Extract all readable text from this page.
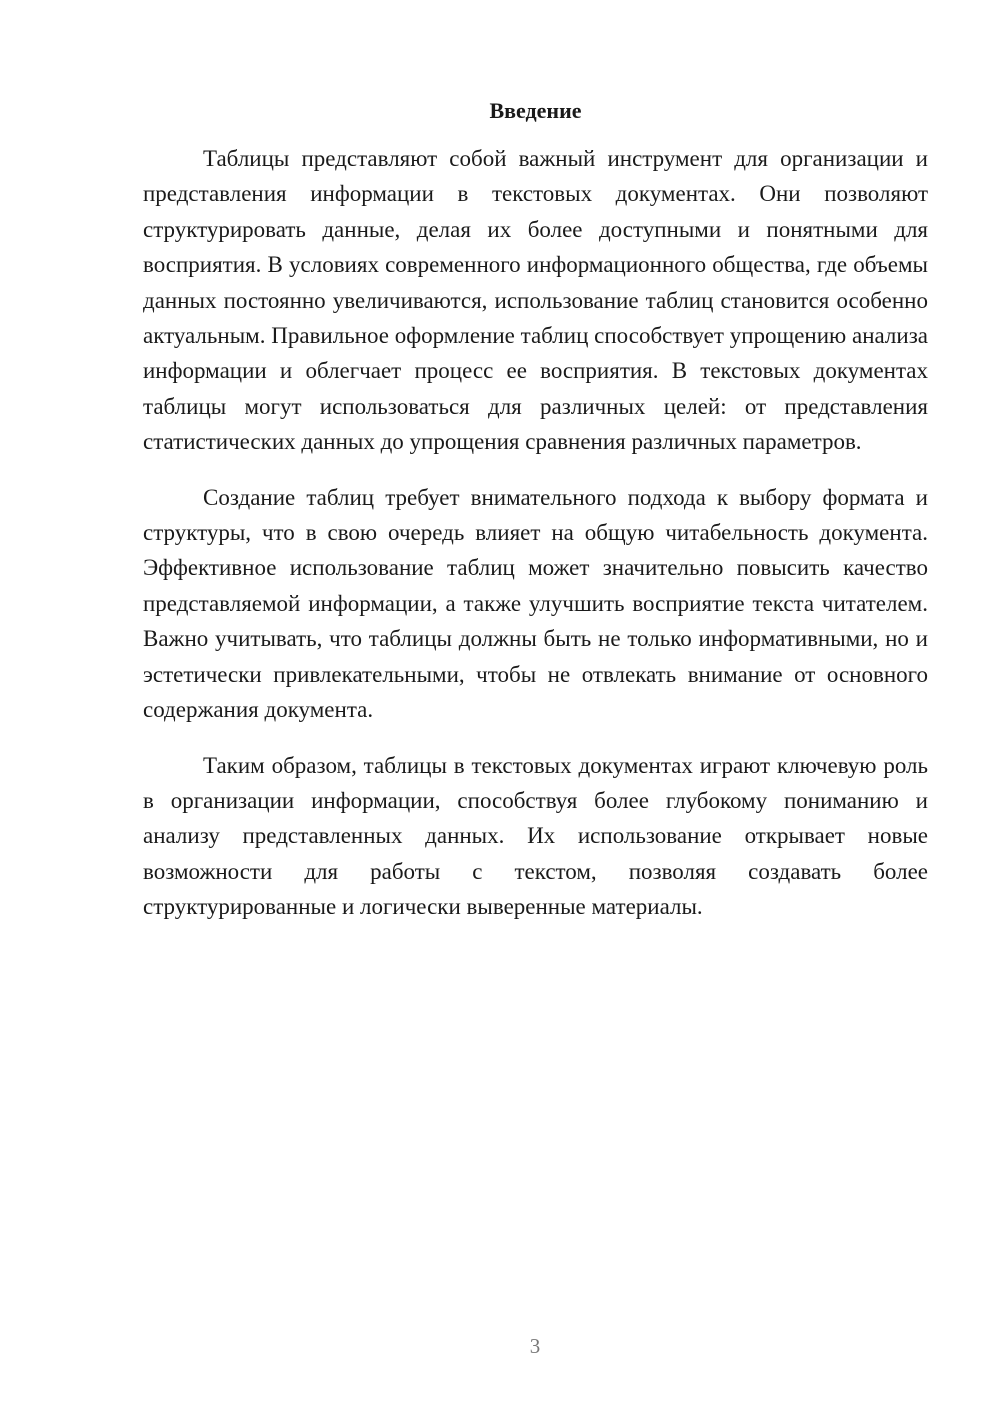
Введение

Таблицы представляют собой важный инструмент для организации и представления информации в текстовых документах. Они позволяют структурировать данные, делая их более доступными и понятными для восприятия. В условиях современного информационного общества, где объемы данных постоянно увеличиваются, использование таблиц становится особенно актуальным. Правильное оформление таблиц способствует упрощению анализа информации и облегчает процесс ее восприятия. В текстовых документах таблицы могут использоваться для различных целей: от представления статистических данных до упрощения сравнения различных параметров.

Создание таблиц требует внимательного подхода к выбору формата и структуры, что в свою очередь влияет на общую читабельность документа. Эффективное использование таблиц может значительно повысить качество представляемой информации, а также улучшить восприятие текста читателем. Важно учитывать, что таблицы должны быть не только информативными, но и эстетически привлекательными, чтобы не отвлекать внимание от основного содержания документа.

Таким образом, таблицы в текстовых документах играют ключевую роль в организации информации, способствуя более глубокому пониманию и анализу представленных данных. Их использование открывает новые возможности для работы с текстом, позволяя создавать более структурированные и логически выверенные материалы.

3
